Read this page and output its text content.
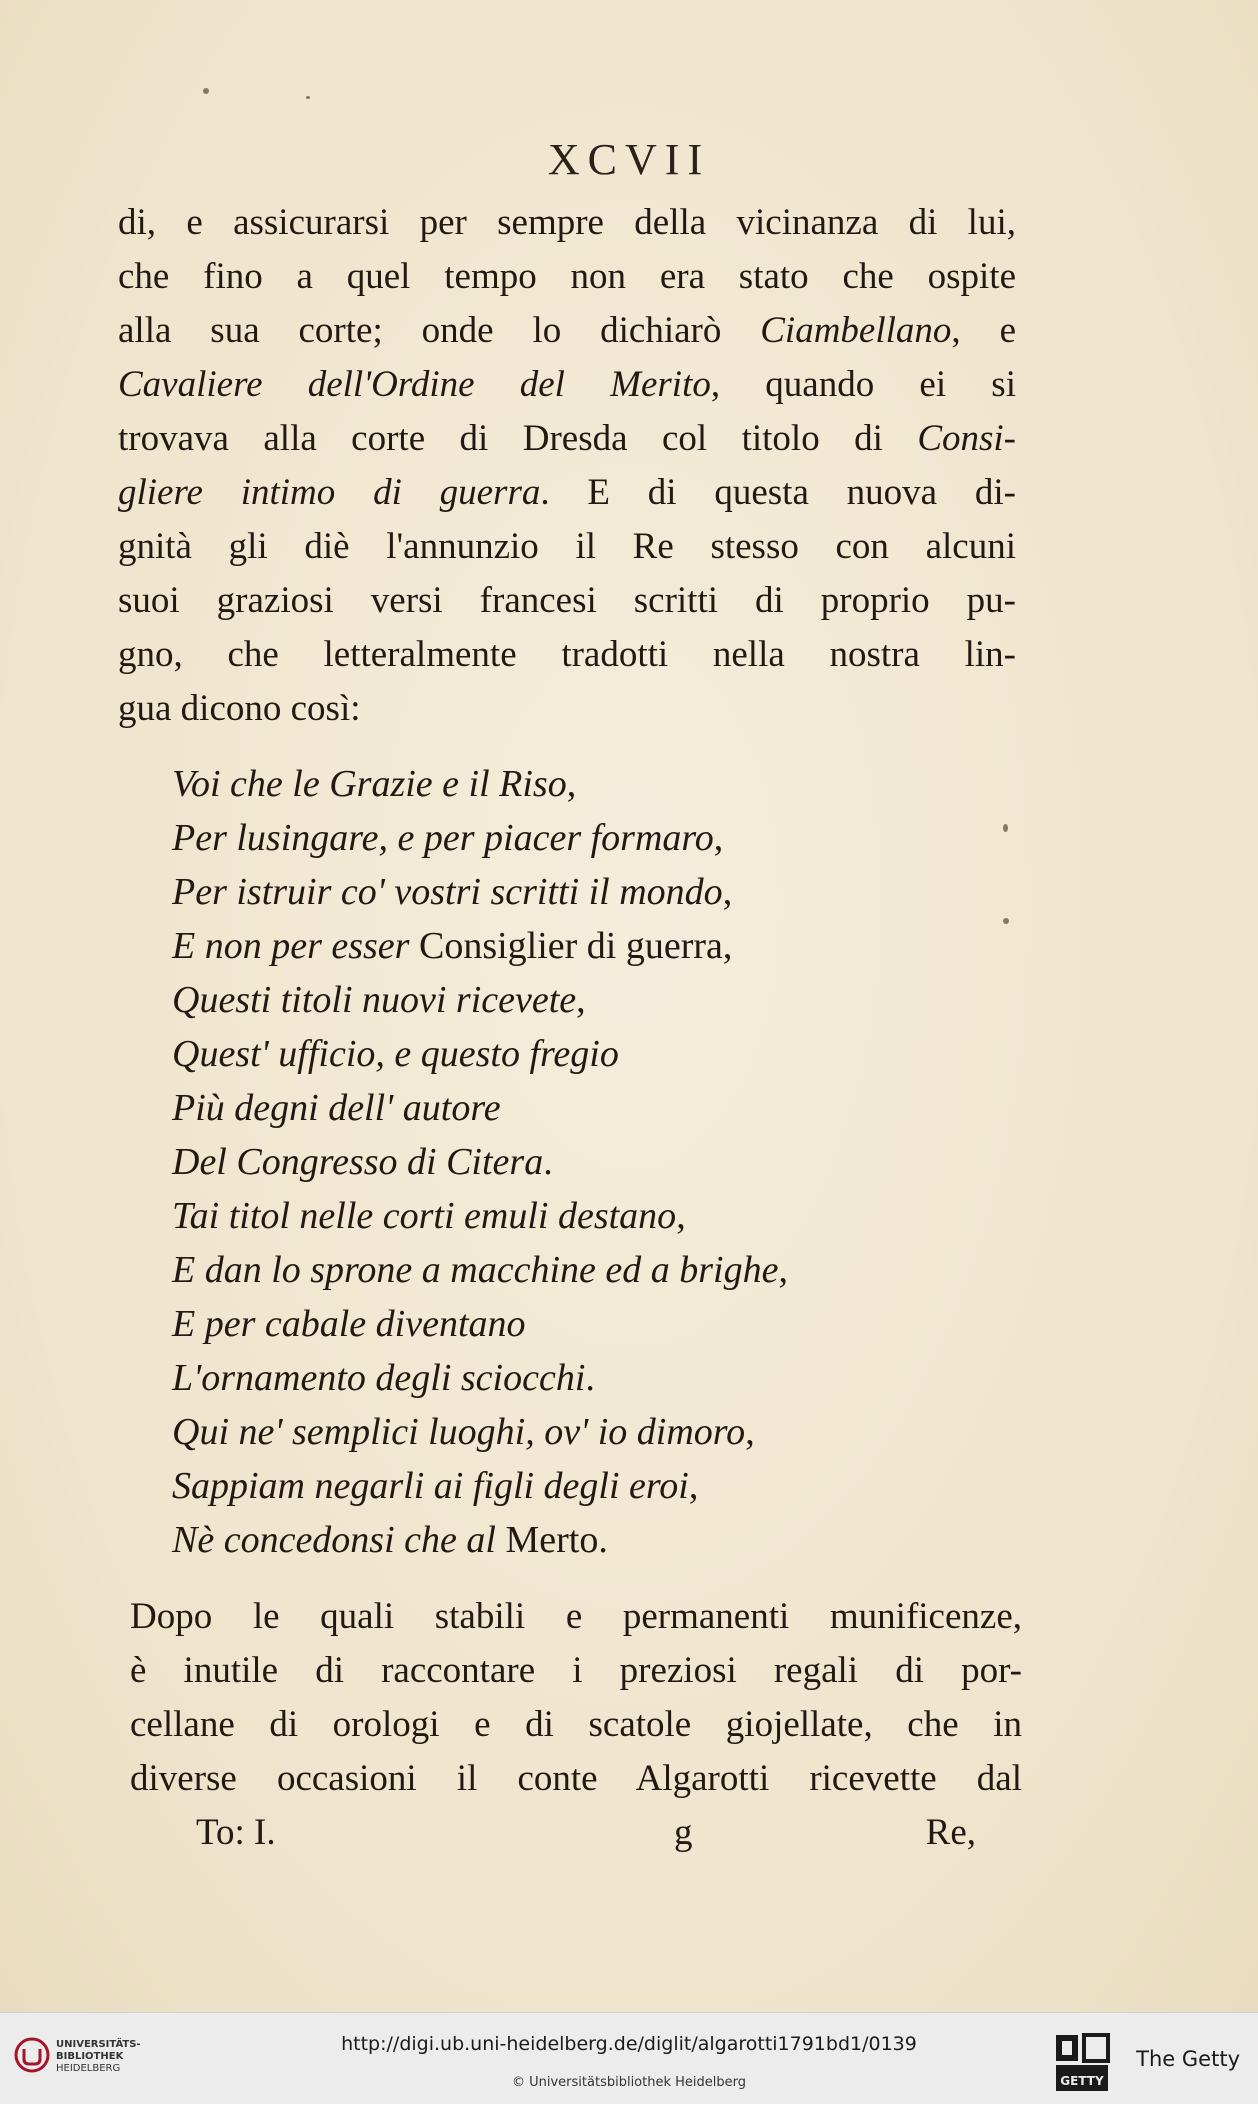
XCVII
di, e assicurarsi per sempre della vicinanza di lui,
che fino a quel tempo non era stato che ospite
alla sua corte; onde lo dichiarò Ciambellano, e
Cavaliere dell'Ordine del Merito, quando ei si
trovava alla corte di Dresda col titolo di Consi-
gliere intimo di guerra. E di questa nuova di-
gnità gli diè l'annunzio il Re stesso con alcuni
suoi graziosi versi francesi scritti di proprio pu-
gno, che letteralmente tradotti nella nostra lin-
gua dicono così:
Voi che le Grazie e il Riso,
Per lusingare, e per piacer formaro,
Per istruir co' vostri scritti il mondo,
E non per esser Consiglier di guerra,
Questi titoli nuovi ricevete,
Quest' ufficio, e questo fregio
Più degni dell' autore
Del Congresso di Citera.
Tai titol nelle corti emuli destano,
E dan lo sprone a macchine ed a brighe,
E per cabale diventano
L'ornamento degli sciocchi.
Qui ne' semplici luoghi, ov' io dimoro,
Sappiam negarli ai figli degli eroi,
Nè concedonsi che al Merto.
Dopo le quali stabili e permanenti munificenze,
è inutile di raccontare i preziosi regali di por-
cellane di orologi e di scatole giojellate, che in
diverse occasioni il conte Algarotti ricevette dal
To: I.	g	Re,
UNIVERSITÄTS-
BIBLIOTHEK
HEIDELBERG
http://digi.ub.uni-heidelberg.de/diglit/algarotti1791bd1/0139
© Universitätsbibliothek Heidelberg	GETTY
The Getty
